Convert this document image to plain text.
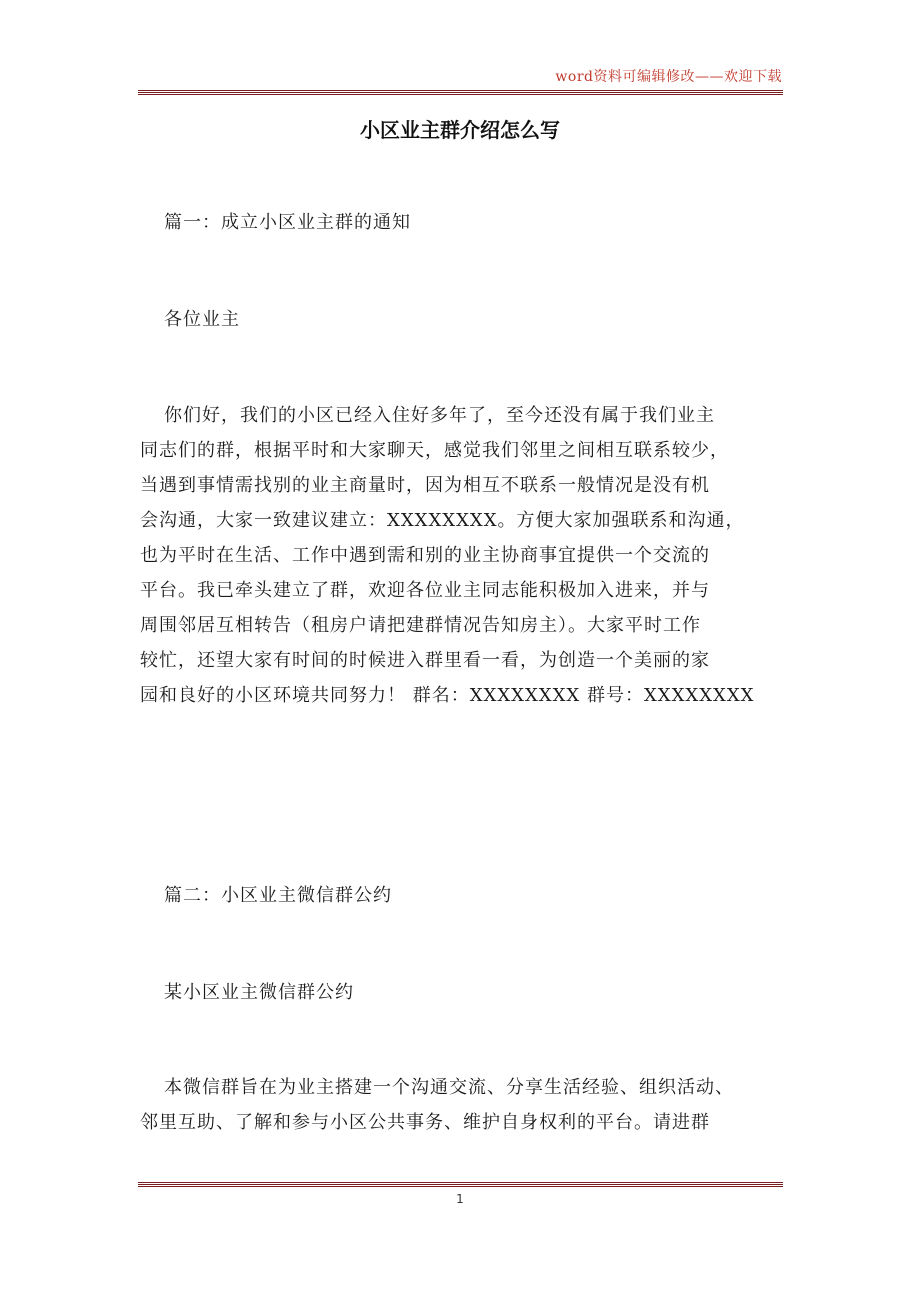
word资料可编辑修改——欢迎下载
小区业主群介绍怎么写
篇一：成立小区业主群的通知
各位业主
你们好，我们的小区已经入住好多年了，至今还没有属于我们业主
同志们的群，根据平时和大家聊天，感觉我们邻里之间相互联系较少，
当遇到事情需找别的业主商量时，因为相互不联系一般情况是没有机
会沟通，大家一致建议建立：XXXXXXXX。方便大家加强联系和沟通，
也为平时在生活、工作中遇到需和别的业主协商事宜提供一个交流的
平台。我已牵头建立了群，欢迎各位业主同志能积极加入进来，并与
周围邻居互相转告（租房户请把建群情况告知房主）。大家平时工作
较忙，还望大家有时间的时候进入群里看一看，为创造一个美丽的家
园和良好的小区环境共同努力！ 群名：XXXXXXXX 群号：XXXXXXXX
篇二：小区业主微信群公约
某小区业主微信群公约
本微信群旨在为业主搭建一个沟通交流、分享生活经验、组织活动、
邻里互助、了解和参与小区公共事务、维护自身权利的平台。请进群
1
